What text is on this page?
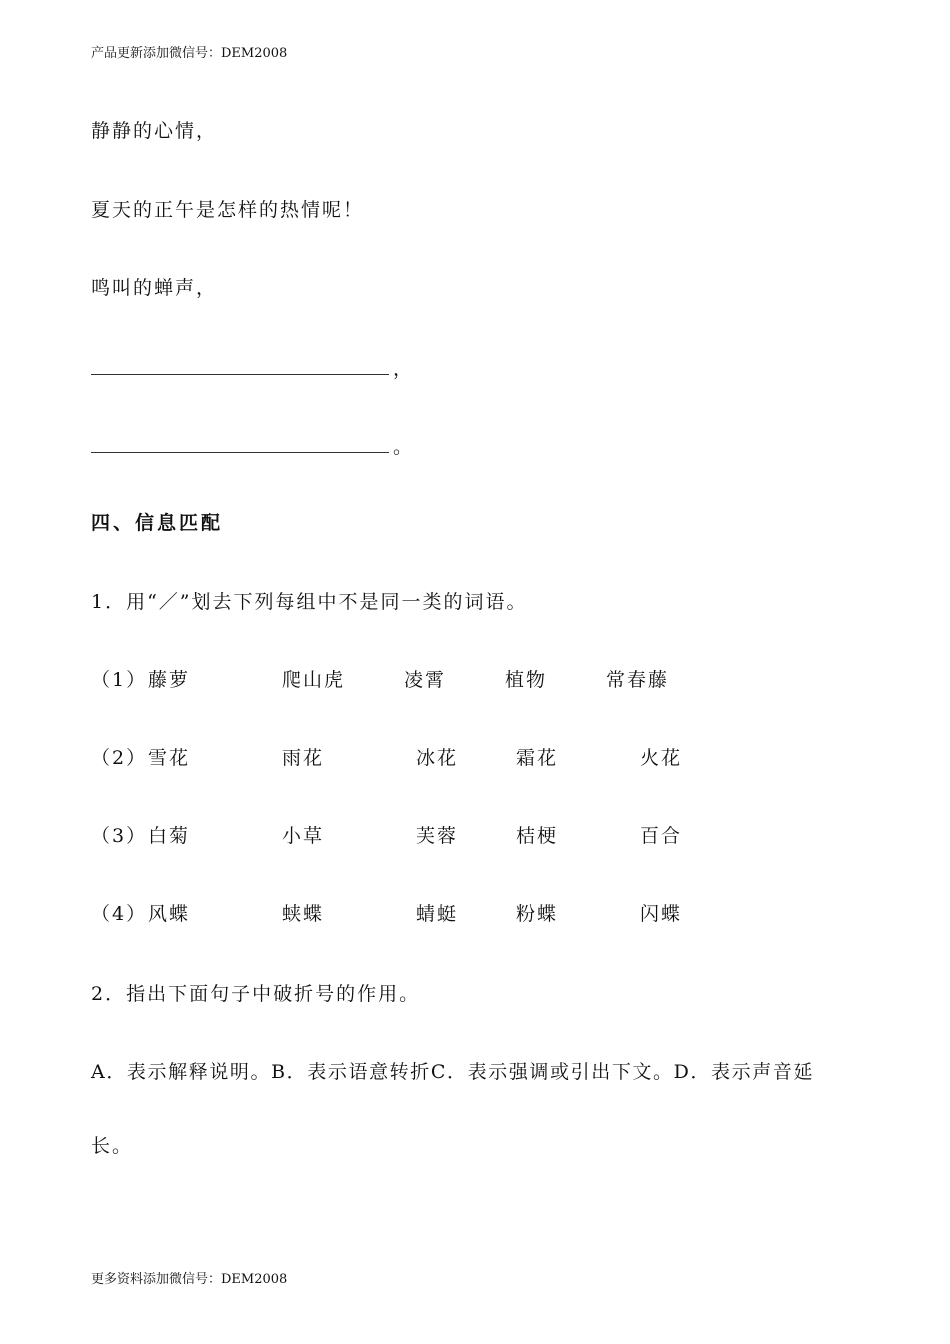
产品更新添加微信号：DEM2008
静静的心情，
夏天的正午是怎样的热情呢！
鸣叫的蝉声，
，
。
四、信息匹配
1．用“／”划去下列每组中不是同一类的词语。
（1） 藤萝	爬山虎	凌霄	植物	常春藤
（2） 雪花	雨花	冰花	霜花	火花
（3） 白菊	小草	芙蓉	桔梗	百合
（4） 风蝶	蛱蝶	蜻蜓	粉蝶	闪蝶
2．指出下面句子中破折号的作用。
A．表示解释说明。B．表示语意转折C．表示强调或引出下文。D．表示声音延
长。
更多资料添加微信号：DEM2008
